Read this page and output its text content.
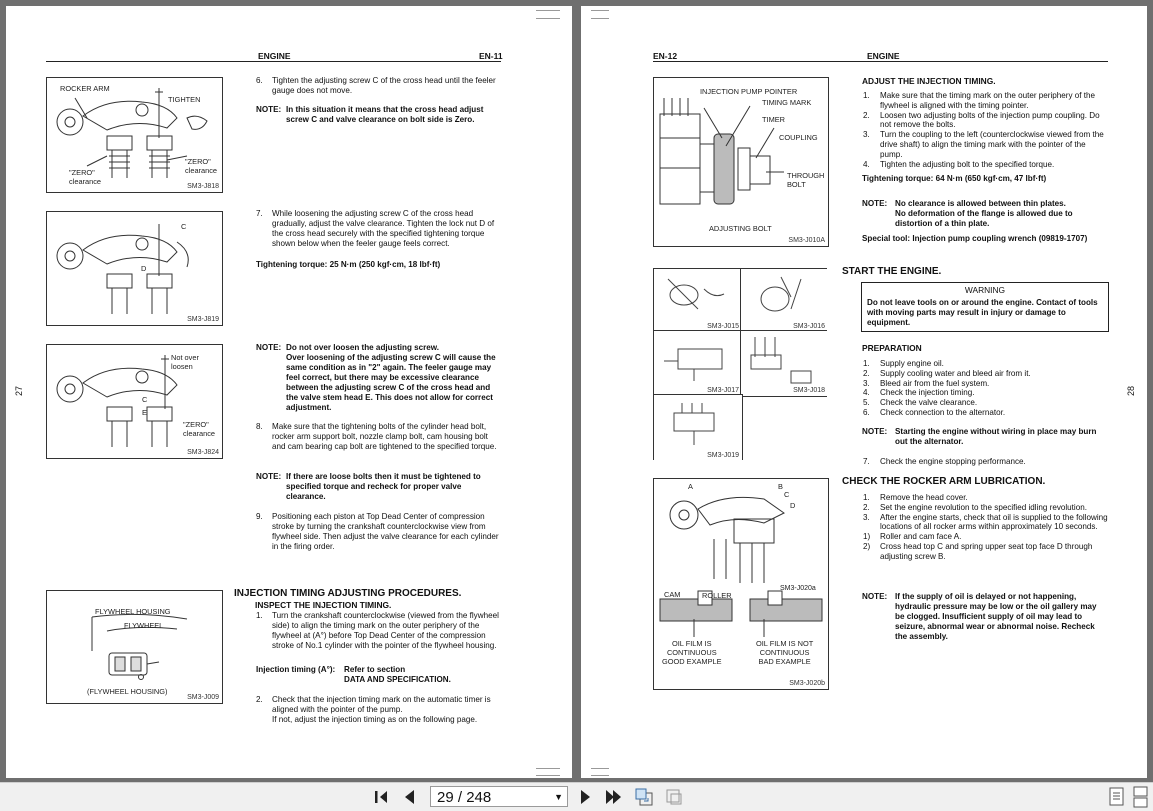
ENGINE	EN-11
27
ROCKER ARM
TIGHTEN
"ZERO"
clearance
"ZERO"
clearance
SM3-J818
C
D
SM3-J819
Not over
loosen
C
E
"ZERO"
clearance
SM3-J824
FLYWHEEL HOUSING
FLYWHEEL
(FLYWHEEL HOUSING)
SM3-J009
6. Tighten the adjusting screw C of the cross head until the feeler gauge does not move.
NOTE: In this situation it means that the cross head adjust screw C and valve clearance on bolt side is Zero.
7. While loosening the adjusting screw C of the cross head gradually, adjust the valve clearance. Tighten the lock nut D of the cross head securely with the specified tightening torque shown below when the feeler gauge feels correct.
Tightening torque: 25 N·m (250 kgf·cm, 18 lbf·ft)
NOTE: Do not over loosen the adjusting screw.
Over loosening of the adjusting screw C will cause the same condition as in "2" again. The feeler gauge may feel correct, but there may be excessive clearance between the adjusting screw C of the cross head and the valve stem head E. This does not allow for correct adjustment.
8. Make sure that the tightening bolts of the cylinder head bolt, rocker arm support bolt, nozzle clamp bolt, cam housing bolt and cam bearing cap bolt are tightened to the specified torque.
NOTE: If there are loose bolts then it must be tightened to specified torque and recheck for proper valve clearance.
9. Positioning each piston at Top Dead Center of compression stroke by turning the crankshaft counterclockwise view from flywheel side. Then adjust the valve clearance for each cylinder in the firing order.
INJECTION TIMING ADJUSTING PROCEDURES.
INSPECT THE INJECTION TIMING.
1. Turn the crankshaft counterclockwise (viewed from the flywheel side) to align the timing mark on the outer periphery of the flywheel at (A°) before Top Dead Center of the compression stroke of No.1 cylinder with the pointer of the flywheel housing.
Injection timing (A°): Refer to section
DATA AND SPECIFICATION.
2. Check that the injection timing mark on the automatic timer is aligned with the pointer of the pump.
If not, adjust the injection timing as on the following page.
EN-12	ENGINE
28
INJECTION PUMP POINTER
TIMING MARK
TIMER
COUPLING
THROUGH
BOLT
ADJUSTING BOLT
SM3-J010A
SM3-J015	SM3-J016
SM3-J017	SM3-J018
SM3-J019
A	B
C
D
SM3-J020a
CAM	ROLLER
OIL FILM IS
CONTINUOUS
GOOD EXAMPLE
OIL FILM IS NOT
CONTINUOUS
BAD EXAMPLE
SM3-J020b
ADJUST THE INJECTION TIMING.
1. Make sure that the timing mark on the outer periphery of the flywheel is aligned with the timing pointer.
2. Loosen two adjusting bolts of the injection pump coupling. Do not remove the bolts.
3. Turn the coupling to the left (counterclockwise viewed from the drive shaft) to align the timing mark with the pointer of the pump.
4. Tighten the adjusting bolt to the specified torque.
Tightening torque: 64 N·m (650 kgf·cm, 47 lbf·ft)
NOTE: No clearance is allowed between thin plates.
No deformation of the flange is allowed due to distortion of a thin plate.
Special tool: Injection pump coupling wrench (09819-1707)
START THE ENGINE.
WARNING
Do not leave tools on or around the engine. Contact of tools with moving parts may result in injury or damage to equipment.
PREPARATION
1. Supply engine oil.
2. Supply cooling water and bleed air from it.
3. Bleed air from the fuel system.
4. Check the injection timing.
5. Check the valve clearance.
6. Check connection to the alternator.
NOTE: Starting the engine without wiring in place may burn out the alternator.
7. Check the engine stopping performance.
CHECK THE ROCKER ARM LUBRICATION.
1. Remove the head cover.
2. Set the engine revolution to the specified idling revolution.
3. After the engine starts, check that oil is supplied to the following locations of all rocker arms within approximately 10 seconds.
1) Roller and cam face A.
2) Cross head top C and spring upper seat top face D through adjusting screw B.
NOTE: If the supply of oil is delayed or not happening, hydraulic pressure may be low or the oil gallery may be clogged. Insufficient supply of oil may lead to seizure, abnormal wear or abnormal noise. Recheck the assembly.
29 / 248	▼
